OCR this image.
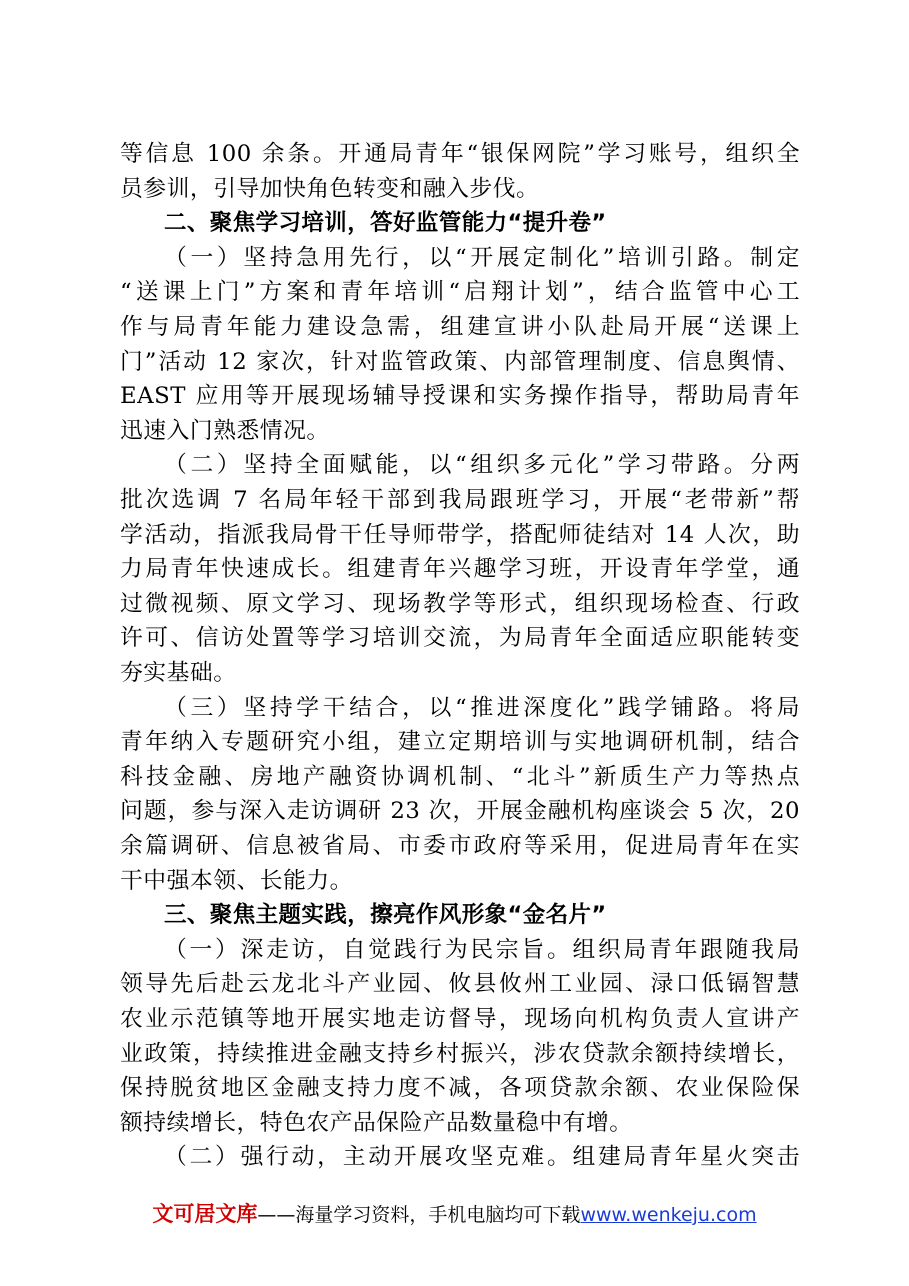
等信息 100 余条。开通局青年“银保网院”学习账号，组织全
员参训，引导加快角色转变和融入步伐。
二、聚焦学习培训，答好监管能力“提升卷”
（一）坚持急用先行，以“开展定制化”培训引路。制定
“送课上门”方案和青年培训“启翔计划”，结合监管中心工
作与局青年能力建设急需，组建宣讲小队赴局开展“送课上
门”活动 12 家次，针对监管政策、内部管理制度、信息舆情、
EAST 应用等开展现场辅导授课和实务操作指导，帮助局青年
迅速入门熟悉情况。
（二）坚持全面赋能，以“组织多元化”学习带路。分两
批次选调 7 名局年轻干部到我局跟班学习，开展“老带新”帮
学活动，指派我局骨干任导师带学，搭配师徒结对 14 人次，助
力局青年快速成长。组建青年兴趣学习班，开设青年学堂，通
过微视频、原文学习、现场教学等形式，组织现场检查、行政
许可、信访处置等学习培训交流，为局青年全面适应职能转变
夯实基础。
（三）坚持学干结合，以“推进深度化”践学铺路。将局
青年纳入专题研究小组，建立定期培训与实地调研机制，结合
科技金融、房地产融资协调机制、“北斗”新质生产力等热点
问题，参与深入走访调研 23 次，开展金融机构座谈会 5 次，20
余篇调研、信息被省局、市委市政府等采用，促进局青年在实
干中强本领、长能力。
三、聚焦主题实践，擦亮作风形象“金名片”
（一）深走访，自觉践行为民宗旨。组织局青年跟随我局
领导先后赴云龙北斗产业园、攸县攸州工业园、渌口低镉智慧
农业示范镇等地开展实地走访督导，现场向机构负责人宣讲产
业政策，持续推进金融支持乡村振兴，涉农贷款余额持续增长，
保持脱贫地区金融支持力度不减，各项贷款余额、农业保险保
额持续增长，特色农产品保险产品数量稳中有增。
（二）强行动，主动开展攻坚克难。组建局青年星火突击
文可居文库——海量学习资料，手机电脑均可下载www.wenkeju.com
